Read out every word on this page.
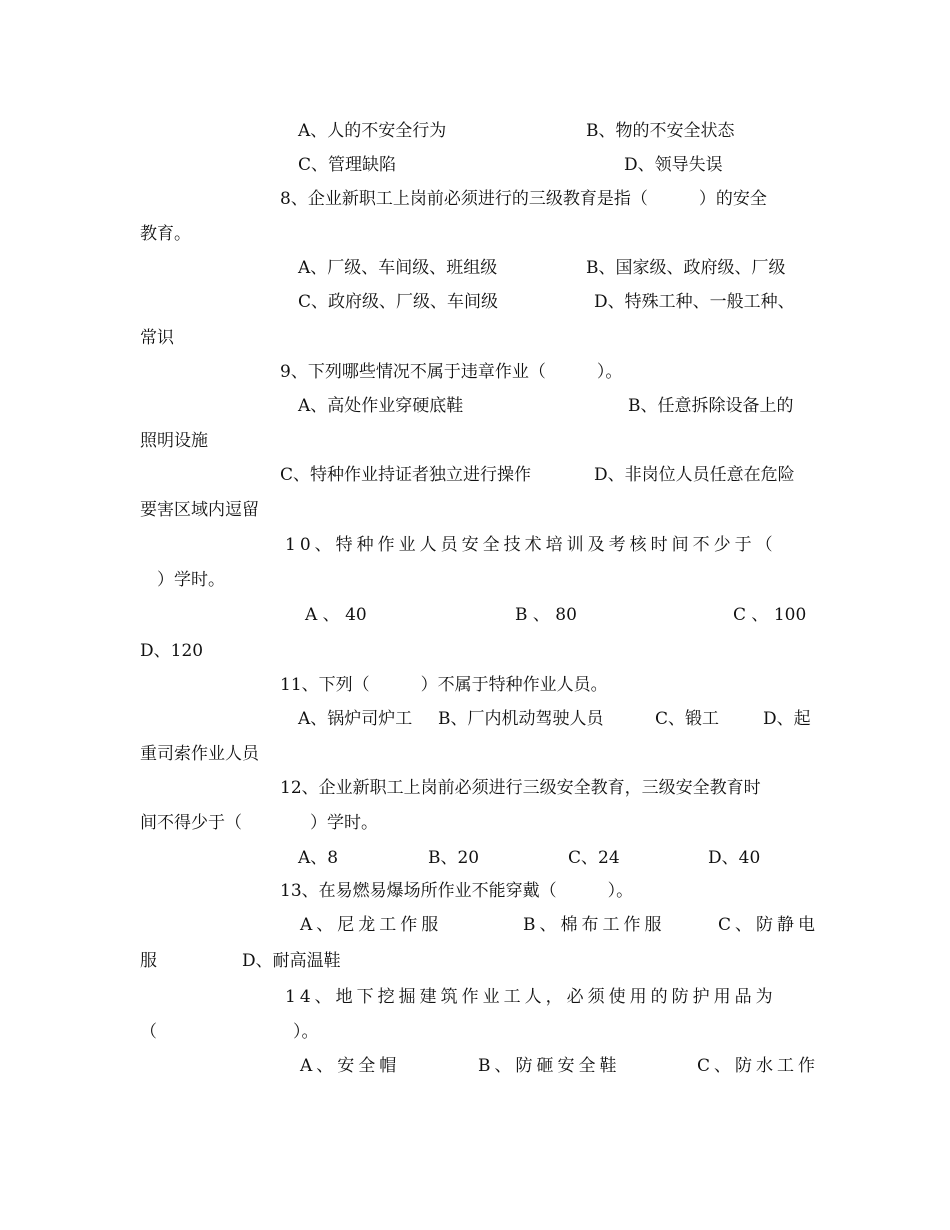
A、人的不安全行为	B、物的不安全状态
C、管理缺陷	D、领导失误
8、企业新职工上岗前必须进行的三级教育是指（　　　）的安全
教育。
A、厂级、车间级、班组级	B、国家级、政府级、厂级
C、政府级、厂级、车间级	D、特殊工种、一般工种、
常识
9、下列哪些情况不属于违章作业（　　　）。
A、高处作业穿硬底鞋	B、任意拆除设备上的
照明设施
C、特种作业持证者独立进行操作	D、非岗位人员任意在危险
要害区域内逗留
10、特种作业人员安全技术培训及考核时间不少于（
）学时。
A 、 40	B 、 80	C 、 100
D、120
11、下列（　　　）不属于特种作业人员。
A、锅炉司炉工 B、厂内机动驾驶人员	C、锻工	D、起
重司索作业人员
12、企业新职工上岗前必须进行三级安全教育，三级安全教育时
间不得少于（　　　　）学时。
A、8	B、20	C、24	D、40
13、在易燃易爆场所作业不能穿戴（　　　）。
A、尼龙工作服	B、棉布工作服	C、防静电
服	D、耐高温鞋
14、地下挖掘建筑作业工人，必须使用的防护用品为
（　　　　　　　　）。
A、安全帽	B、防砸安全鞋	C、防水工作
